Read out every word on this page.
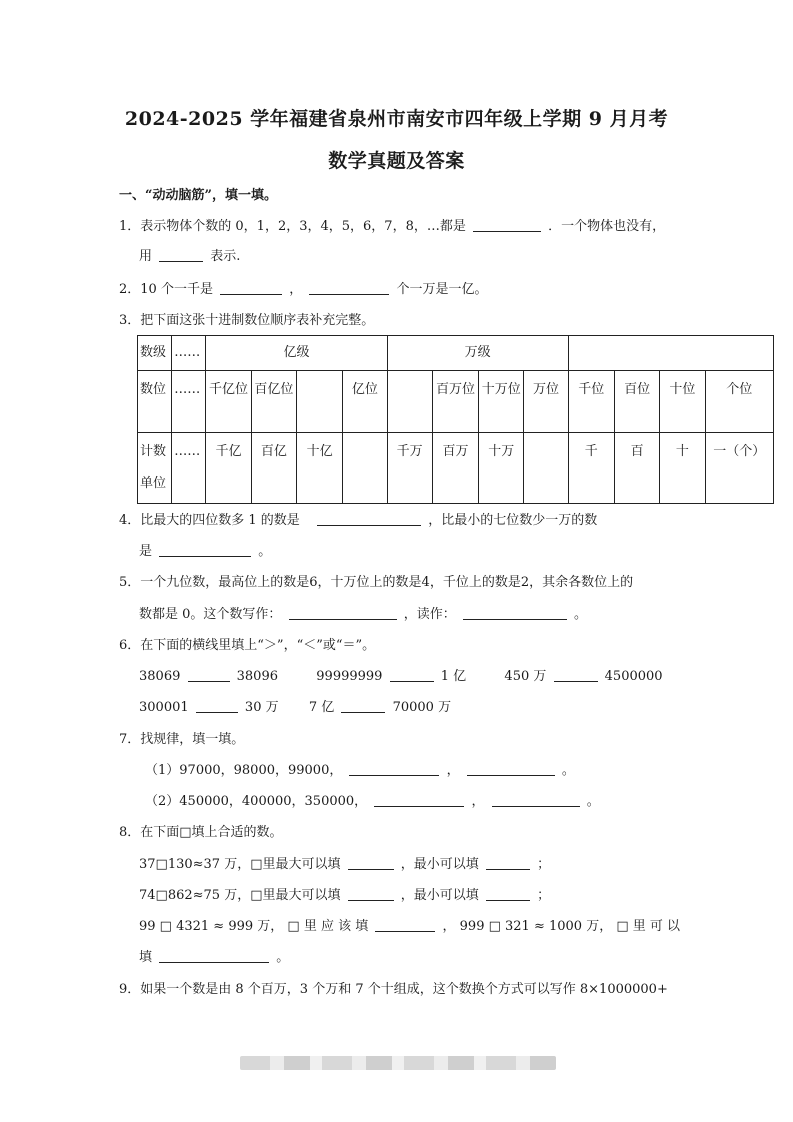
2024-2025 学年福建省泉州市南安市四年级上学期 9 月月考
数学真题及答案
一、“动动脑筋”，填一填。
1．表示物体个数的 0，1，2，3，4，5，6，7，8，…都是	．一个物体也没有，
用	表示.
2．10 个一千是	，	个一万是一亿。
3．把下面这张十进制数位顺序表补充完整。
数级	……	亿级				万级							
数位	……	千亿位	百亿位		亿位		百万位	十万位	万位	千位	百位	十位	个位
计数单位	……	千亿	百亿	十亿		千万	百万	十万		千	百	十	一（个）
4．比最大的四位数多 1 的数是	，比最小的七位数少一万的数
是	。
5．一个九位数，最高位上的数是6，十万位上的数是4，千位上的数是2，其余各数位上的
数都是 0。这个数写作：	，读作：	。
6．在下面的横线里填上“＞”，“＜”或“＝”。
38069	38096	99999999	1 亿	450 万	4500000
300001	30 万 7 亿	70000 万
7．找规律，填一填。
（1）97000，98000，99000，	，	。
（2）450000，400000，350000，	，	。
8．在下面□填上合适的数。
37□130≈37 万，□里最大可以填	，最小可以填	；
74□862≈75 万，□里最大可以填	，最小可以填	；
99 □ 4321 ≈ 999 万， □ 里 应 该 填	， 999 □ 321 ≈ 1000 万， □ 里 可 以
填	。
9．如果一个数是由 8 个百万，3 个万和 7 个十组成，这个数换个方式可以写作 8×1000000+
